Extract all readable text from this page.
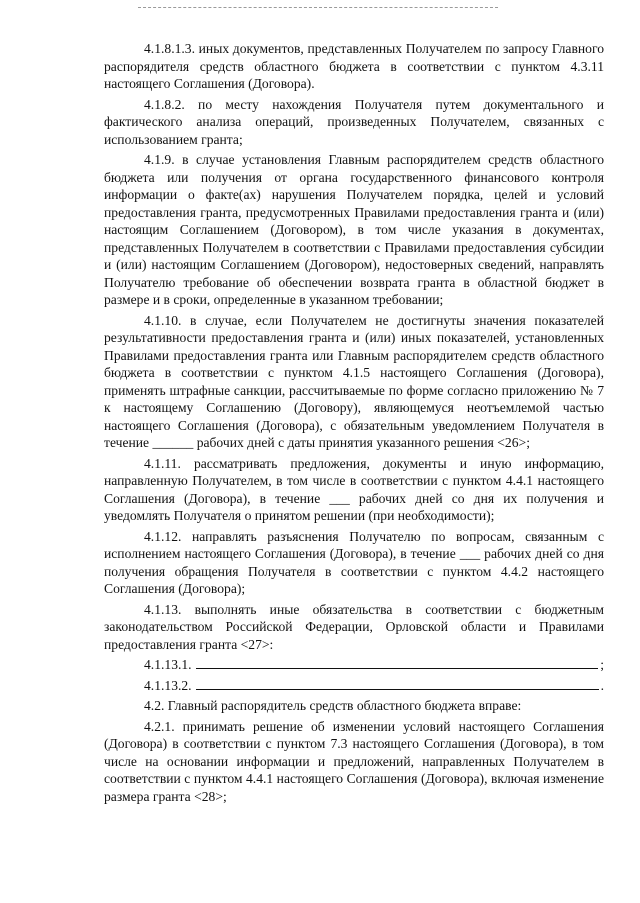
4.1.8.1.3. иных документов, представленных Получателем по запросу Главного распорядителя средств областного бюджета в соответствии с пунктом 4.3.11 настоящего Соглашения (Договора).

4.1.8.2. по месту нахождения Получателя путем документального и фактического анализа операций, произведенных Получателем, связанных с использованием гранта;

4.1.9. в случае установления Главным распорядителем средств областного бюджета или получения от органа государственного финансового контроля информации о факте(ах) нарушения Получателем порядка, целей и условий предоставления гранта, предусмотренных Правилами предоставления гранта и (или) настоящим Соглашением (Договором), в том числе указания в документах, представленных Получателем в соответствии с Правилами предоставления субсидии и (или) настоящим Соглашением (Договором), недостоверных сведений, направлять Получателю требование об обеспечении возврата гранта в областной бюджет в размере и в сроки, определенные в указанном требовании;

4.1.10. в случае, если Получателем не достигнуты значения показателей результативности предоставления гранта и (или) иных показателей, установленных Правилами предоставления гранта или Главным распорядителем средств областного бюджета в соответствии с пунктом 4.1.5 настоящего Соглашения (Договора), применять штрафные санкции, рассчитываемые по форме согласно приложению № 7 к настоящему Соглашению (Договору), являющемуся неотъемлемой частью настоящего Соглашения (Договора), с обязательным уведомлением Получателя в течение ______ рабочих дней с даты принятия указанного решения <26>;

4.1.11. рассматривать предложения, документы и иную информацию, направленную Получателем, в том числе в соответствии с пунктом 4.4.1 настоящего Соглашения (Договора), в течение ___ рабочих дней со дня их получения и уведомлять Получателя о принятом решении (при необходимости);

4.1.12. направлять разъяснения Получателю по вопросам, связанным с исполнением настоящего Соглашения (Договора), в течение ___ рабочих дней со дня получения обращения Получателя в соответствии с пунктом 4.4.2 настоящего Соглашения (Договора);

4.1.13. выполнять иные обязательства в соответствии с бюджетным законодательством Российской Федерации, Орловской области и Правилами предоставления гранта <27>:

4.1.13.1.	;
4.1.13.2.	.

4.2. Главный распорядитель средств областного бюджета вправе:

4.2.1. принимать решение об изменении условий настоящего Соглашения (Договора) в соответствии с пунктом 7.3 настоящего Соглашения (Договора), в том числе на основании информации и предложений, направленных Получателем в соответствии с пунктом 4.4.1 настоящего Соглашения (Договора), включая изменение размера гранта <28>;
